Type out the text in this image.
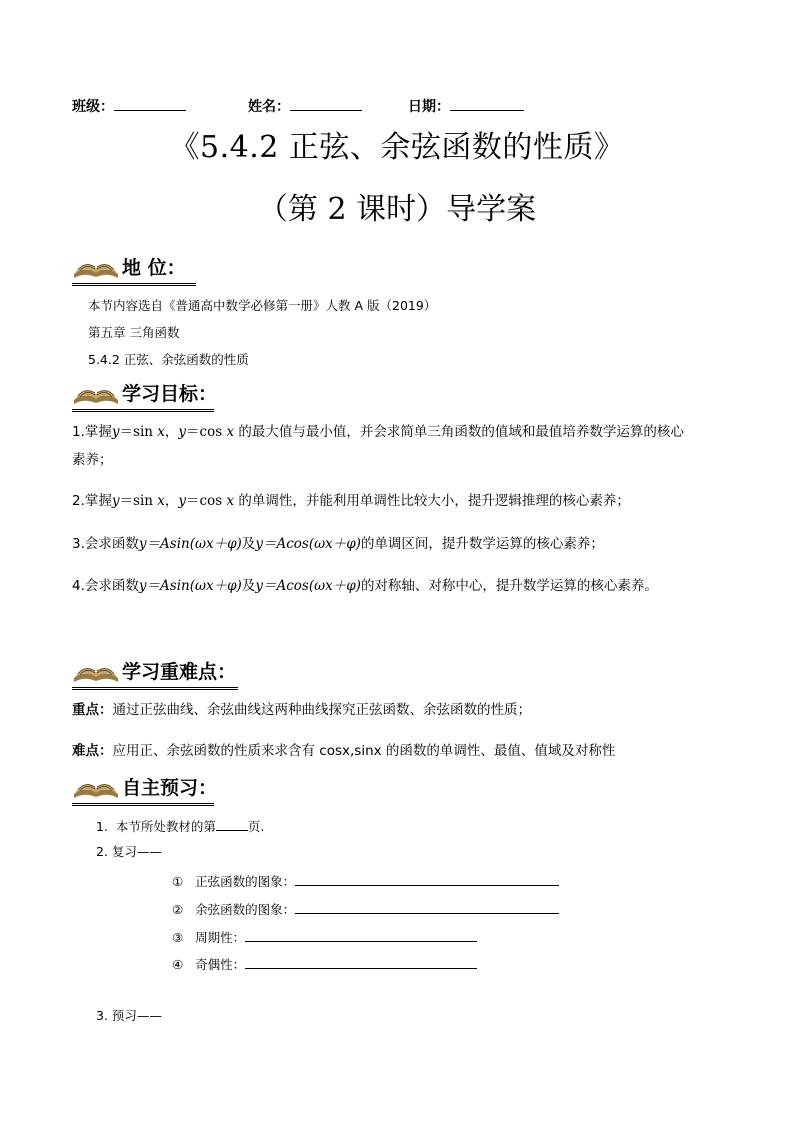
班级：	姓名：	日期：
《5.4.2 正弦、余弦函数的性质》
（第 2 课时）导学案
地 位：
本节内容选自《普通高中数学必修第一册》人教 A 版（2019）
第五章 三角函数
5.4.2 正弦、余弦函数的性质
学习目标：
1.掌握y＝sin x，y＝cos x 的最大值与最小值，并会求简单三角函数的值域和最值培养数学运算的核心
素养；
2.掌握y＝sin x，y＝cos x 的单调性，并能利用单调性比较大小，提升逻辑推理的核心素养；
3.会求函数y＝Asin(ωx＋φ)及y＝Acos(ωx＋φ)的单调区间，提升数学运算的核心素养；
4.会求函数y＝Asin(ωx＋φ)及y＝Acos(ωx＋φ)的对称轴、对称中心，提升数学运算的核心素养。
学习重难点：
重点：通过正弦曲线、余弦曲线这两种曲线探究正弦函数、余弦函数的性质；
难点：应用正、余弦函数的性质来求含有 cosx,sinx 的函数的单调性、最值、值域及对称性
自主预习：
1. 本节所处教材的第	页.
2. 复习——
① 正弦函数的图象：
② 余弦函数的图象：
③ 周期性：
④ 奇偶性：
3. 预习——
